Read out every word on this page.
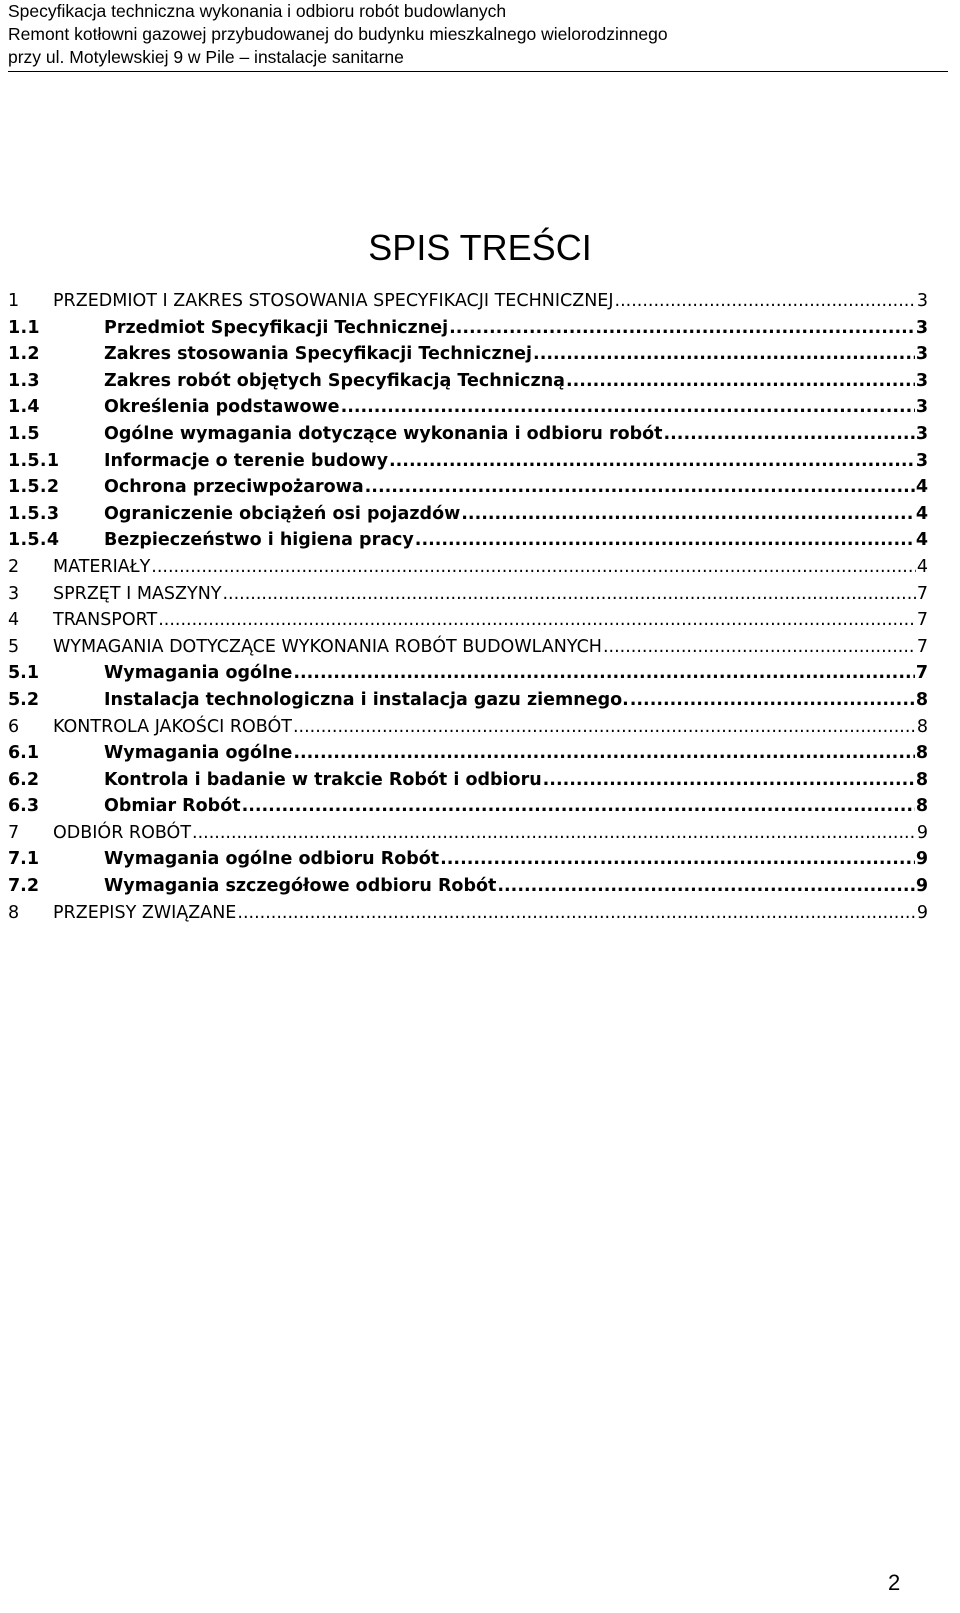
Specyfikacja techniczna wykonania i odbioru robót budowlanych
Remont kotłowni gazowej przybudowanej do budynku mieszkalnego wielorodzinnego
przy ul. Motylewskiej 9 w Pile – instalacje sanitarne
SPIS TREŚCI
1	PRZEDMIOT I ZAKRES STOSOWANIA SPECYFIKACJI TECHNICZNEJ .....	3
1.1	Przedmiot Specyfikacji Technicznej .....	3
1.2	Zakres stosowania Specyfikacji Technicznej .....	3
1.3	Zakres robót objętych Specyfikacją Techniczną .....	3
1.4	Określenia podstawowe .....	3
1.5	Ogólne wymagania dotyczące wykonania i odbioru robót .....	3
1.5.1	Informacje o terenie budowy .....	3
1.5.2	Ochrona przeciwpożarowa .....	4
1.5.3	Ograniczenie obciążeń osi pojazdów .....	4
1.5.4	Bezpieczeństwo i higiena pracy .....	4
2	MATERIAŁY .....	4
3	SPRZĘT I MASZYNY .....	7
4	TRANSPORT .....	7
5	WYMAGANIA DOTYCZĄCE WYKONANIA ROBÓT BUDOWLANYCH .....	7
5.1	Wymagania ogólne .....	7
5.2	Instalacja technologiczna i instalacja gazu ziemnego. .....	8
6	KONTROLA JAKOŚCI ROBÓT .....	8
6.1	Wymagania ogólne .....	8
6.2	Kontrola i badanie w trakcie Robót i odbioru .....	8
6.3	Obmiar Robót .....	8
7	ODBIÓR ROBÓT .....	9
7.1	Wymagania ogólne odbioru Robót .....	9
7.2	Wymagania szczegółowe odbioru Robót .....	9
8	PRZEPISY ZWIĄZANE .....	9
2
